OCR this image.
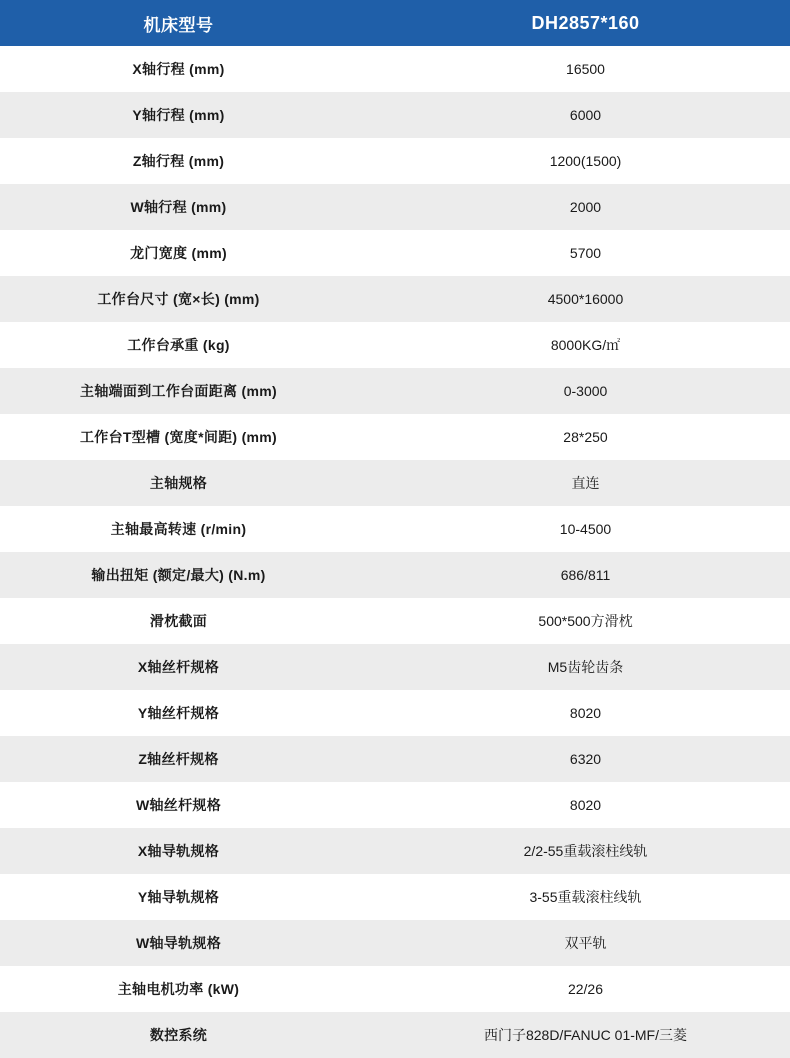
机床型号	DH2857*160
X轴行程 (mm)	16500
Y轴行程 (mm)	6000
Z轴行程 (mm)	1200(1500)
W轴行程 (mm)	2000
龙门宽度 (mm)	5700
工作台尺寸 (宽×长) (mm)	4500*16000
工作台承重 (kg)	8000KG/㎡
主轴端面到工作台面距离 (mm)	0-3000
工作台T型槽 (宽度*间距) (mm)	28*250
主轴规格	直连
主轴最高转速 (r/min)	10-4500
输出扭矩 (额定/最大) (N.m)	686/811
滑枕截面	500*500方滑枕
X轴丝杆规格	M5齿轮齿条
Y轴丝杆规格	8020
Z轴丝杆规格	6320
W轴丝杆规格	8020
X轴导轨规格	2/2-55重载滚柱线轨
Y轴导轨规格	3-55重载滚柱线轨
W轴导轨规格	双平轨
主轴电机功率 (kW)	22/26
数控系统	西门子828D/FANUC 01-MF/三菱
